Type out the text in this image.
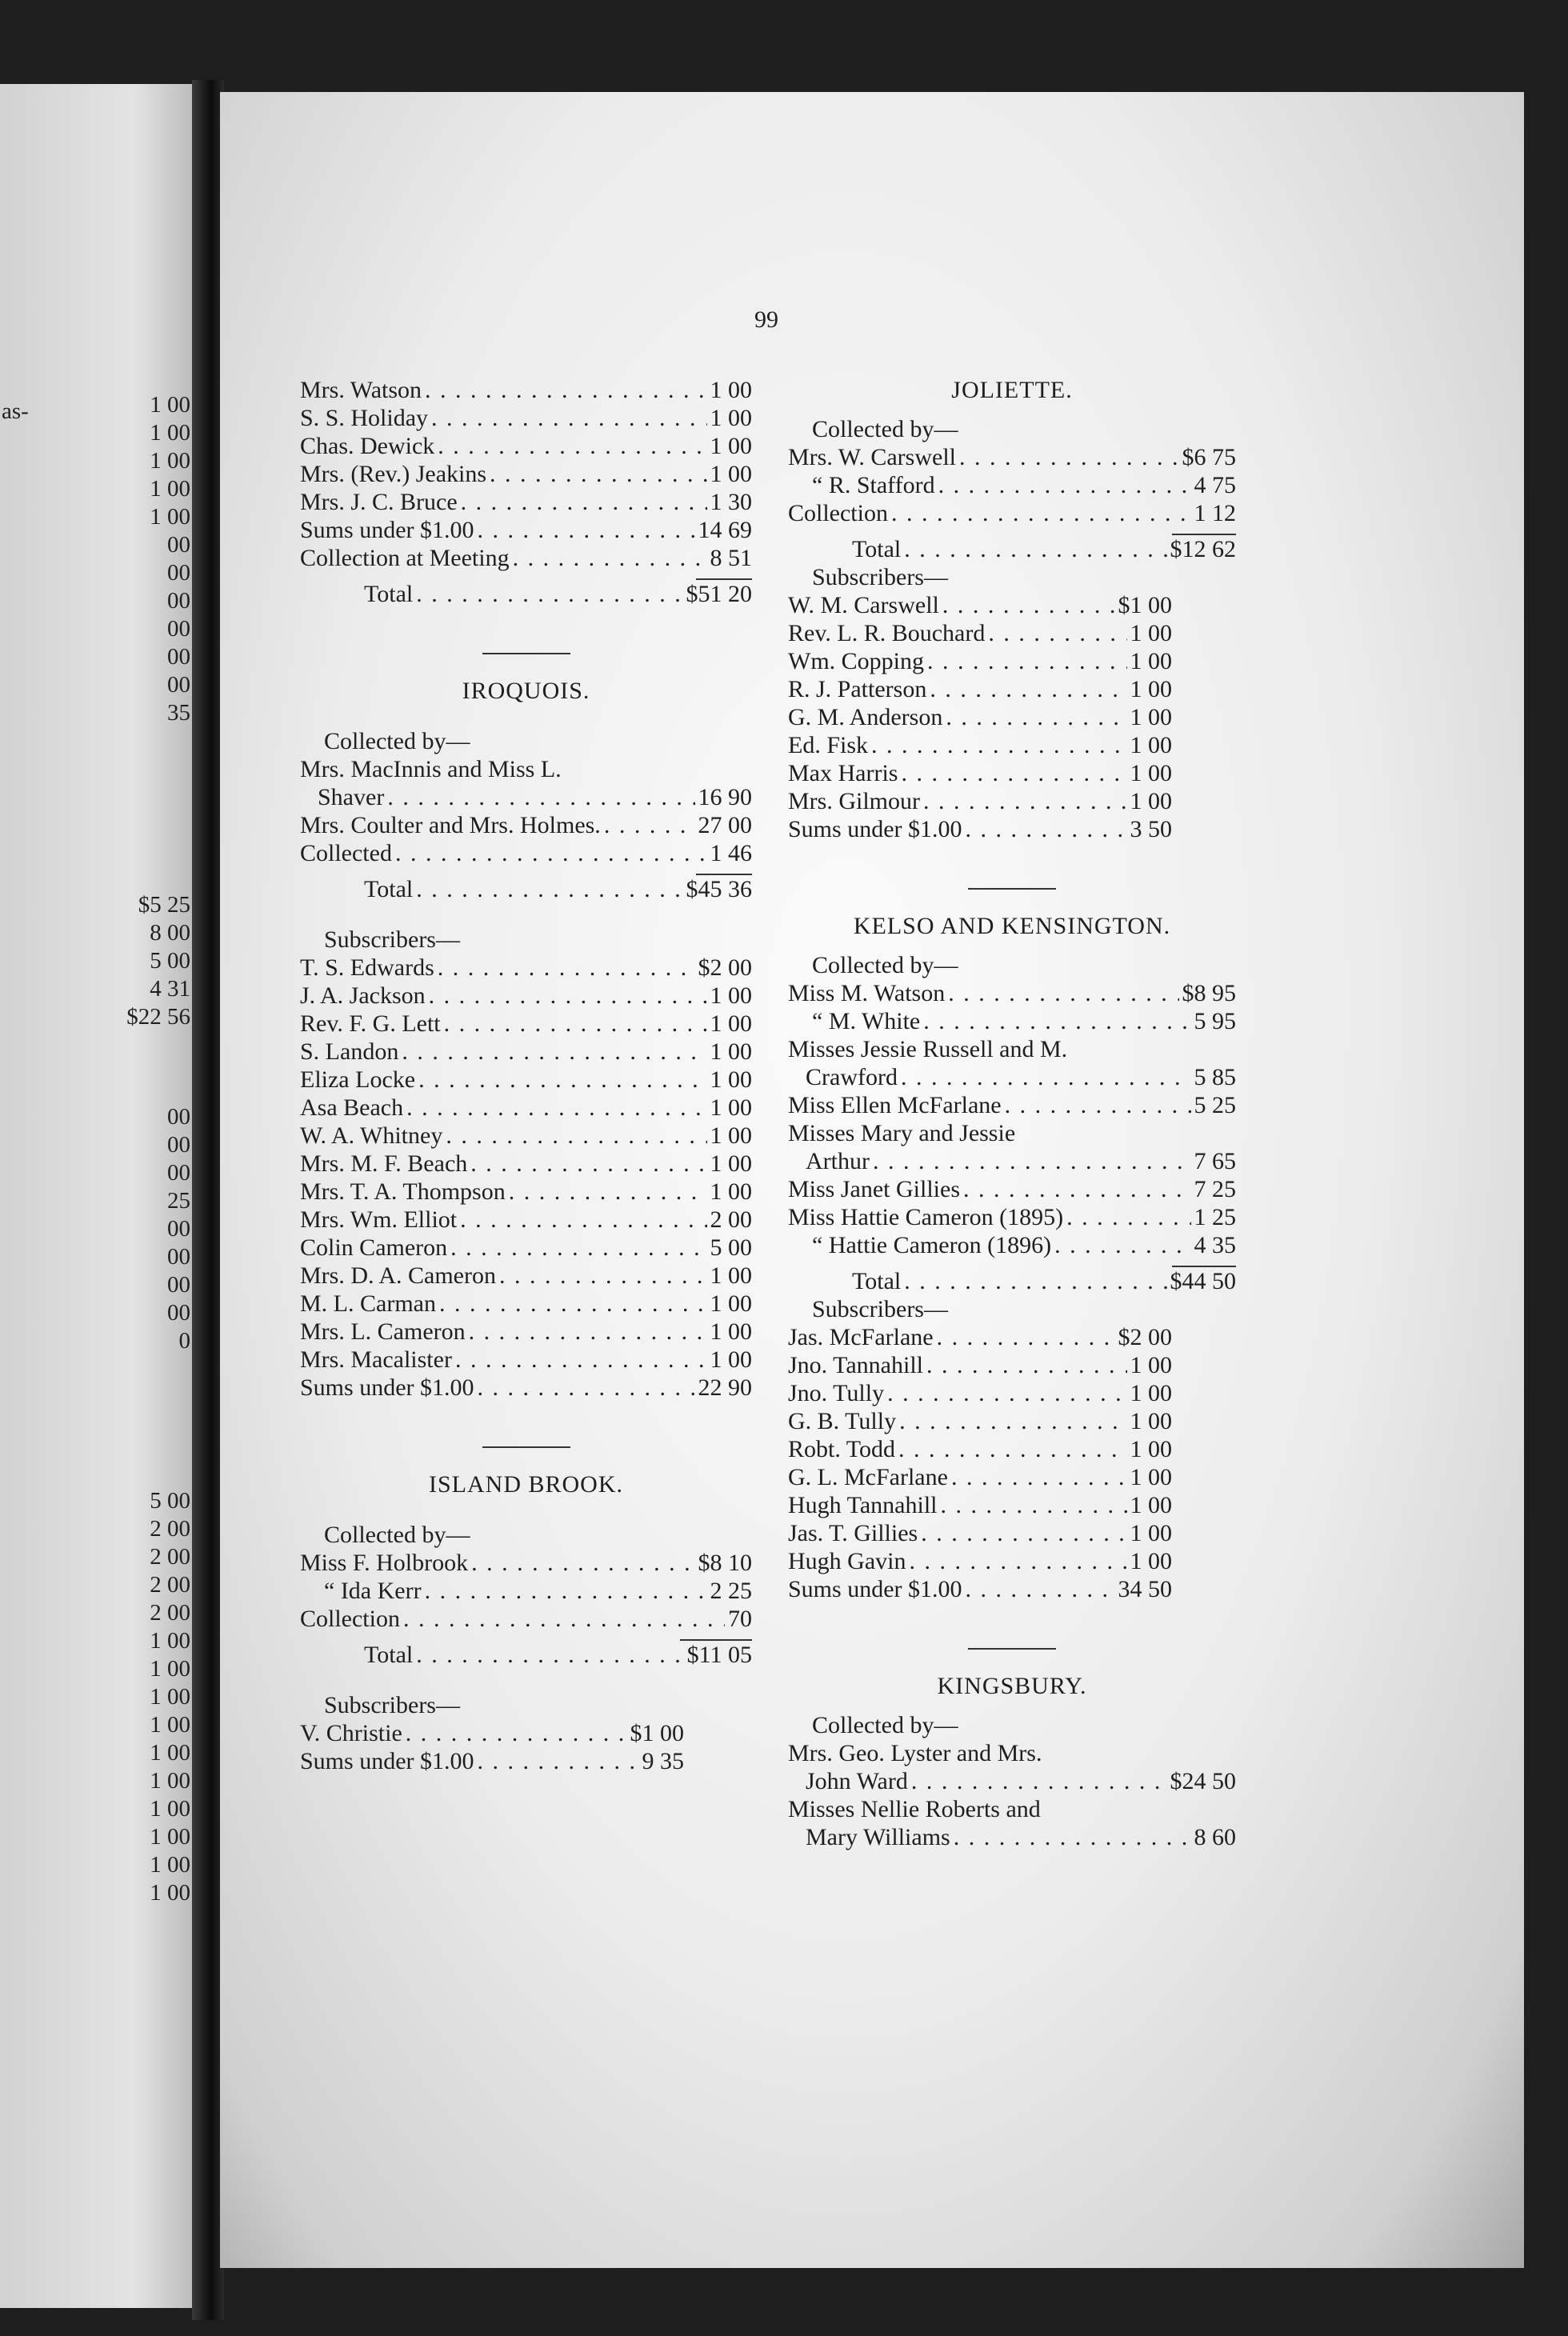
1 00
1 00
1 00
1 00
1 00
00
00
00
00
00
00
35
as-
$5 25
8 00
5 00
4 31
$22 56
00
00
00
25
00
00
00
00
0
5 00
2 00
2 00
2 00
2 00
1 00
1 00
1 00
1 00
1 00
1 00
1 00
1 00
1 00
1 00
99
Mrs. Watson . . .	1 00
S. S. Holiday . . .	1 00
Chas. Dewick . . .	1 00
Mrs. (Rev.) Jeakins . . .	1 00
Mrs. J. C. Bruce . . .	1 30
Sums under $1.00 . . .	14 69
Collection at Meeting . . .	8 51
Total . . .	$51 20
IROQUOIS.
Collected by—
Mrs. MacInnis and Miss L.
Shaver . . .	16 90
Mrs. Coulter and Mrs. Holmes. . . .	27 00
Collected . . .	1 46
Total . . .	$45 36
Subscribers—
T. S. Edwards . . .	$2 00
J. A. Jackson . . .	1 00
Rev. F. G. Lett . . .	1 00
S. Landon . . .	1 00
Eliza Locke . . .	1 00
Asa Beach . . .	1 00
W. A. Whitney . . .	1 00
Mrs. M. F. Beach . . .	1 00
Mrs. T. A. Thompson . . .	1 00
Mrs. Wm. Elliot . . .	2 00
Colin Cameron . . .	5 00
Mrs. D. A. Cameron . . .	1 00
M. L. Carman . . .	1 00
Mrs. L. Cameron . . .	1 00
Mrs. Macalister . . .	1 00
Sums under $1.00 . . .	22 90
ISLAND BROOK.
Collected by—
Miss F. Holbrook . . .	$8 10
“ Ida Kerr . . .	2 25
Collection . . .	70
Total . . .	$11 05
Subscribers—
V. Christie . . .	$1 00
Sums under $1.00 . . .	9 35
JOLIETTE.
Collected by—
Mrs. W. Carswell . . .	$6 75
“ R. Stafford . . .	4 75
Collection . . .	1 12
Total . . .	$12 62
Subscribers—
W. M. Carswell . . .	$1 00
Rev. L. R. Bouchard . . .	1 00
Wm. Copping . . .	1 00
R. J. Patterson . . .	1 00
G. M. Anderson . . .	1 00
Ed. Fisk . . .	1 00
Max Harris . . .	1 00
Mrs. Gilmour . . .	1 00
Sums under $1.00 . . .	3 50
KELSO AND KENSINGTON.
Collected by—
Miss M. Watson . . .	$8 95
“ M. White . . .	5 95
Misses Jessie Russell and M.
Crawford . . .	5 85
Miss Ellen McFarlane . . .	5 25
Misses Mary and Jessie
Arthur . . .	7 65
Miss Janet Gillies . . .	7 25
Miss Hattie Cameron (1895) . . .	1 25
“ Hattie Cameron (1896) . . .	4 35
Total . . .	$44 50
Subscribers—
Jas. McFarlane . . .	$2 00
Jno. Tannahill . . .	1 00
Jno. Tully . . .	1 00
G. B. Tully . . .	1 00
Robt. Todd . . .	1 00
G. L. McFarlane . . .	1 00
Hugh Tannahill . . .	1 00
Jas. T. Gillies . . .	1 00
Hugh Gavin . . .	1 00
Sums under $1.00 . . .	34 50
KINGSBURY.
Collected by—
Mrs. Geo. Lyster and Mrs.
John Ward . . .	$24 50
Misses Nellie Roberts and
Mary Williams . . .	8 60
